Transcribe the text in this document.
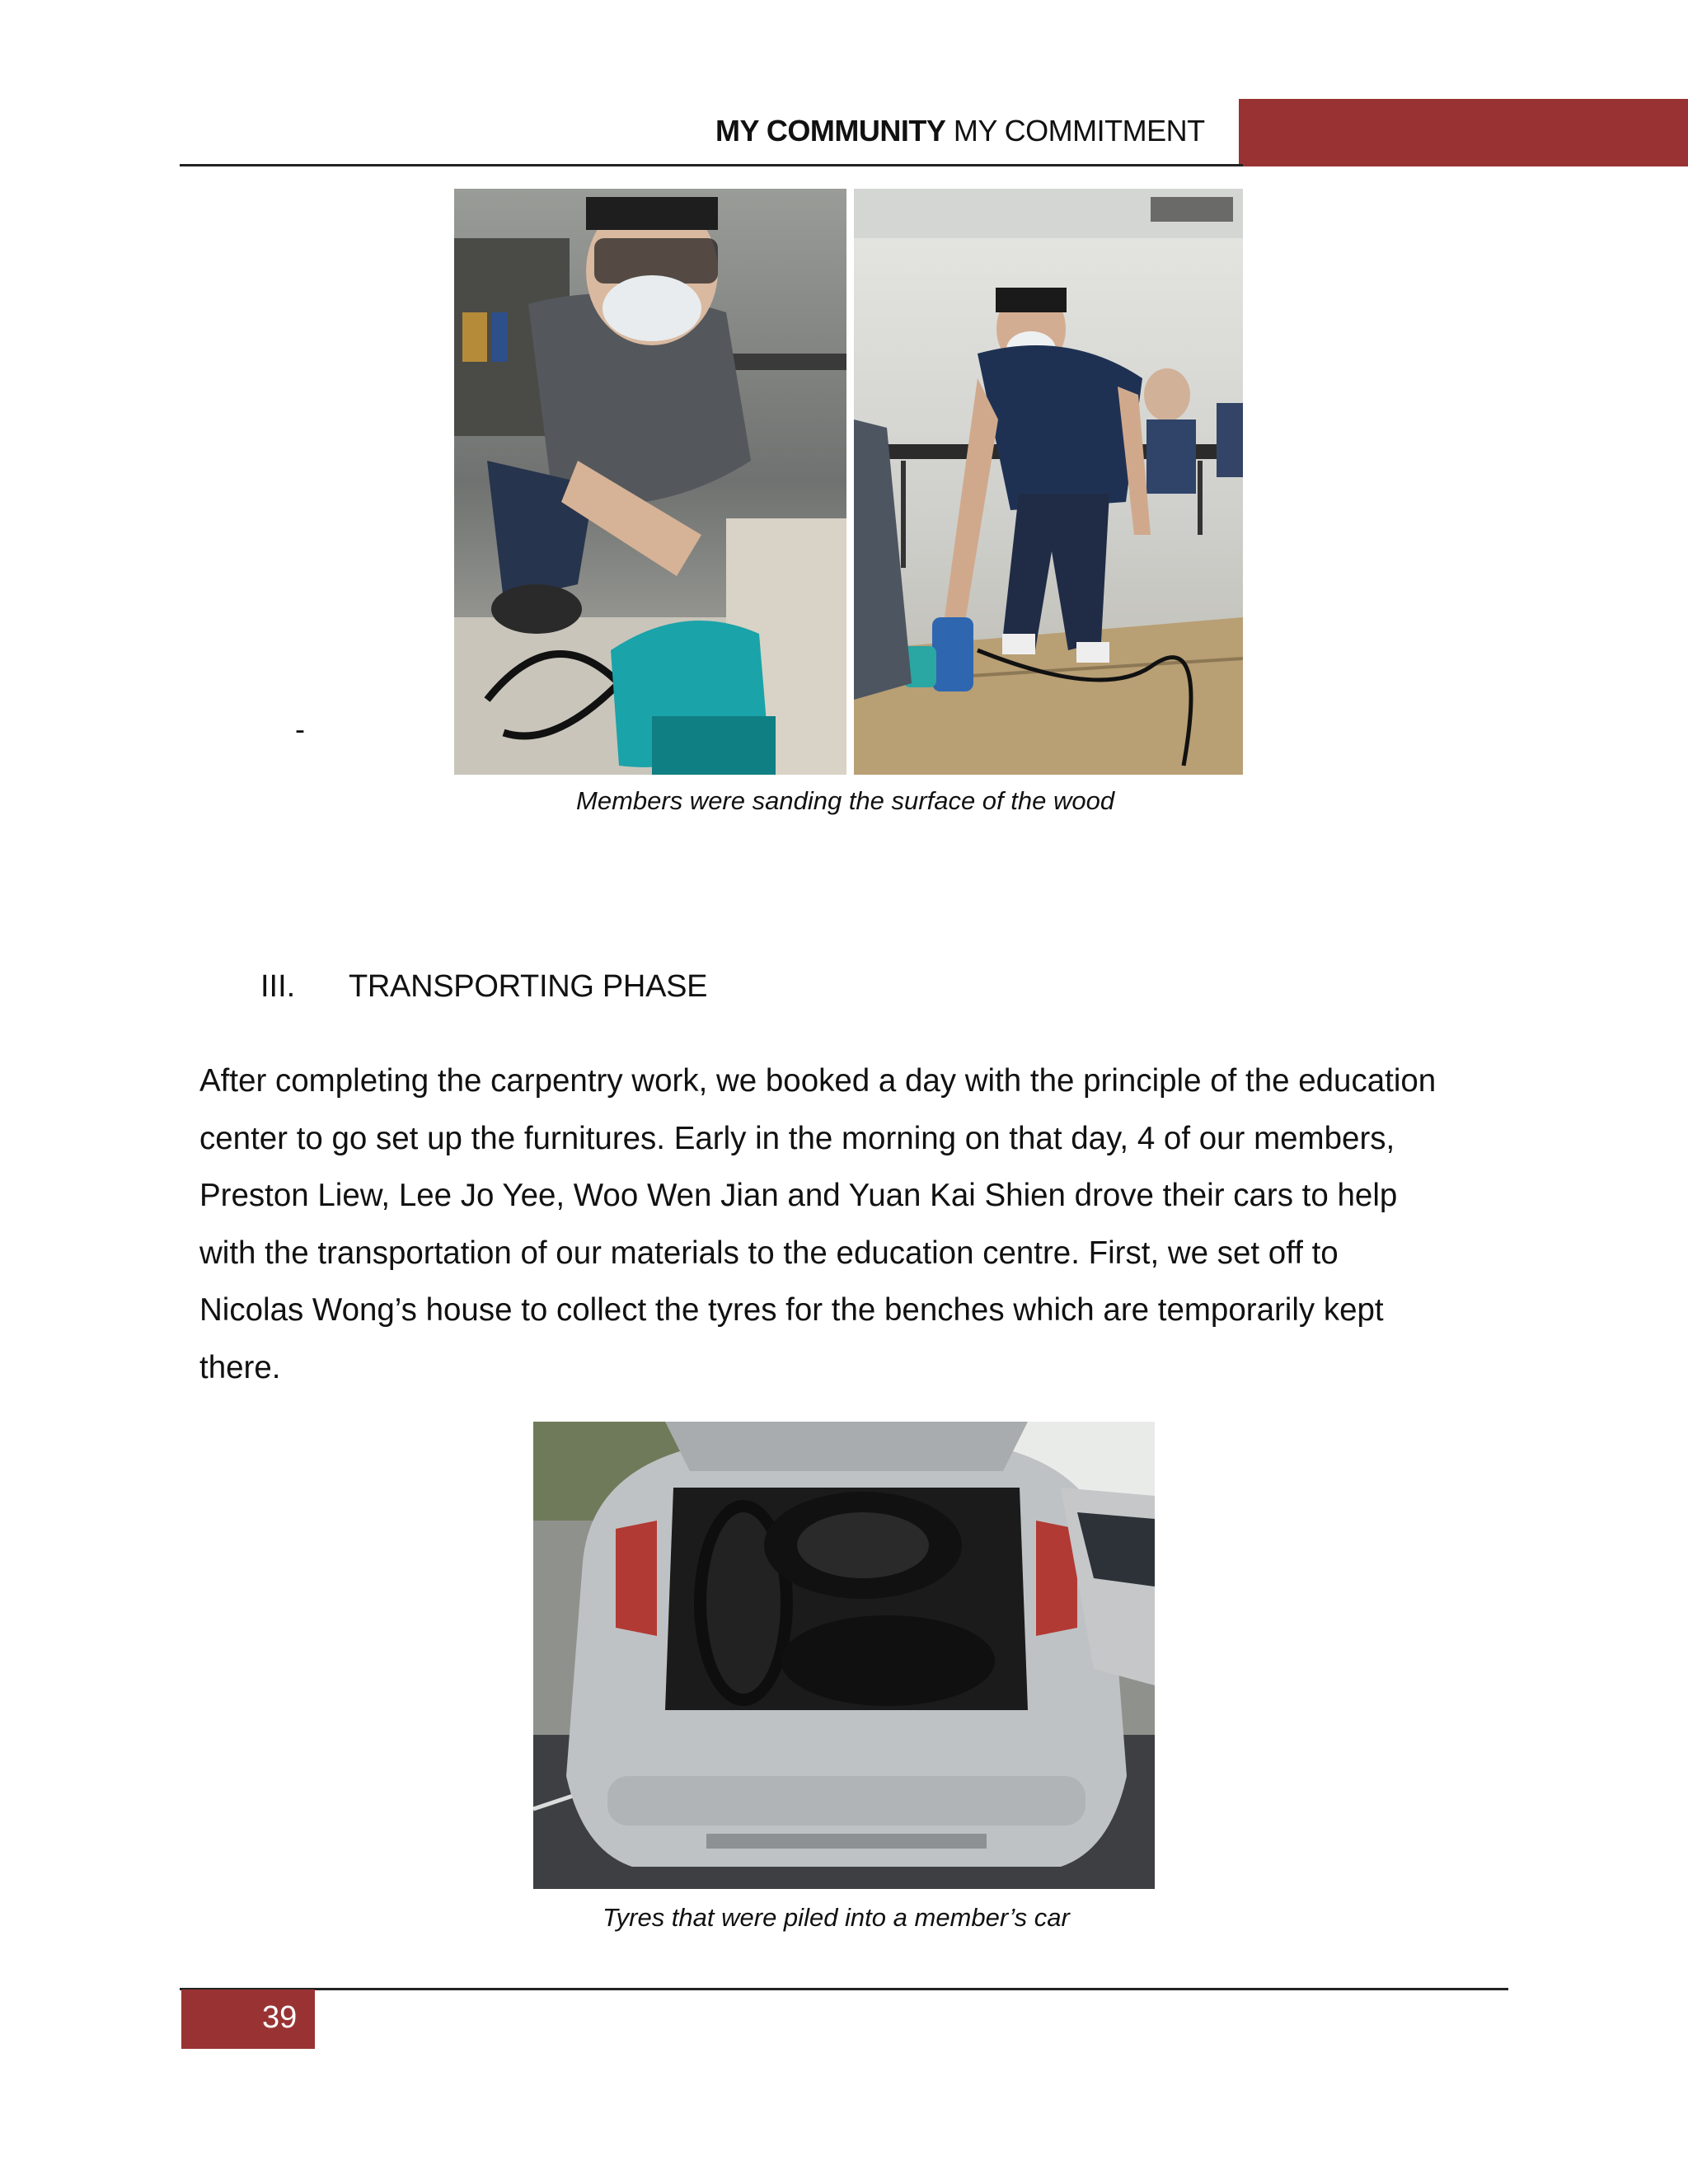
MY COMMUNITY MY COMMITMENT
-
Members were sanding the surface of the wood
III. TRANSPORTING PHASE
After completing the carpentry work, we booked a day with the principle of the education
center to go set up the furnitures. Early in the morning on that day, 4 of our members,
Preston Liew, Lee Jo Yee, Woo Wen Jian and Yuan Kai Shien drove their cars to help
with the transportation of our materials to the education centre. First, we set off to
Nicolas Wong’s house to collect the tyres for the benches which are temporarily kept
there.
Tyres that were piled into a member’s car
39
